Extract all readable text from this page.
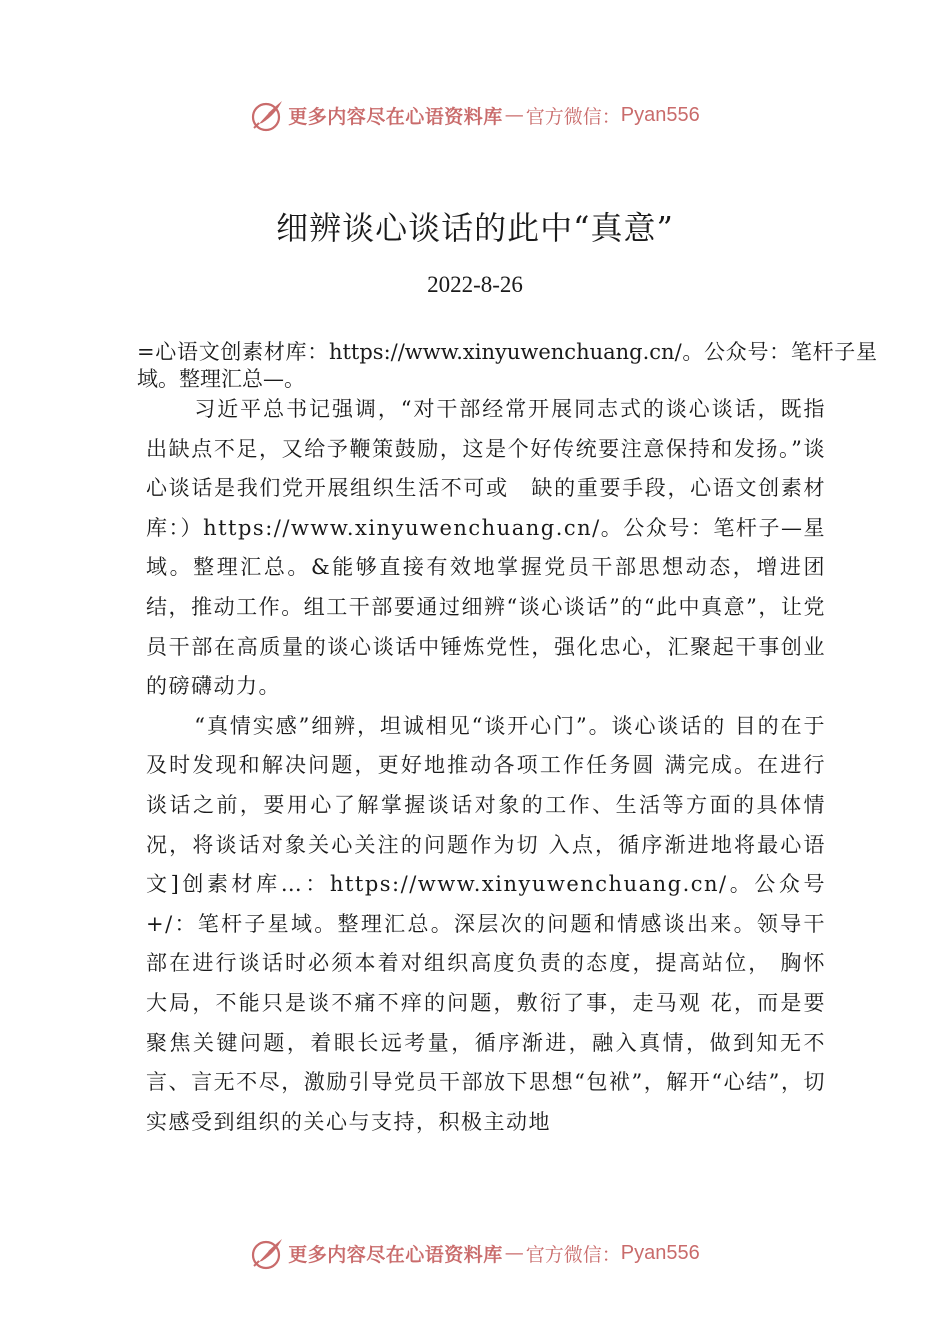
更多内容尽在心语资料库 — 官方微信： Pyan556
细辨谈心谈话的此中“真意”
2022-8-26
=心语文创素材库：https://www.xinyuwenchuang.cn/。公众号：笔杆子星域。整理汇总—。

习近平总书记强调，“对干部经常开展同志式的谈心谈话，既指出缺点不足，又给予鞭策鼓励，这是个好传统要注意保持和发扬。”谈心谈话是我们党开展组织生活不可或　缺的重要手段，心语文创素材库：）https://www.xinyuwenchuang.cn/。公众号：笔杆子—星域。整理汇总。&能够直接有效地掌握党员干部思想动态，增进团结，推动工作。组工干部要通过细辨“谈心谈话”的“此中真意”，让党员干部在高质量的谈心谈话中锤炼党性，强化忠心，汇聚起干事创业的磅礴动力。

“真情实感”细辨，坦诚相见“谈开心门”。谈心谈话的 目的在于及时发现和解决问题，更好地推动各项工作任务圆 满完成。在进行谈话之前，要用心了解掌握谈话对象的工作、生活等方面的具体情况，将谈话对象关心关注的问题作为切 入点，循序渐进地将最心语文]创素材库…：https://www.xinyuwenchuang.cn/。公众号+/：笔杆子星域。整理汇总。深层次的问题和情感谈出来。领导干 部在进行谈话时必须本着对组织高度负责的态度，提高站位， 胸怀大局，不能只是谈不痛不痒的问题，敷衍了事，走马观 花，而是要聚焦关键问题，着眼长远考量，循序渐进，融入真情，做到知无不言、言无不尽，激励引导党员干部放下思想“包袱”，解开“心结”，切实感受到组织的关心与支持，积极主动地

更多内容尽在心语资料库 — 官方微信： Pyan556
